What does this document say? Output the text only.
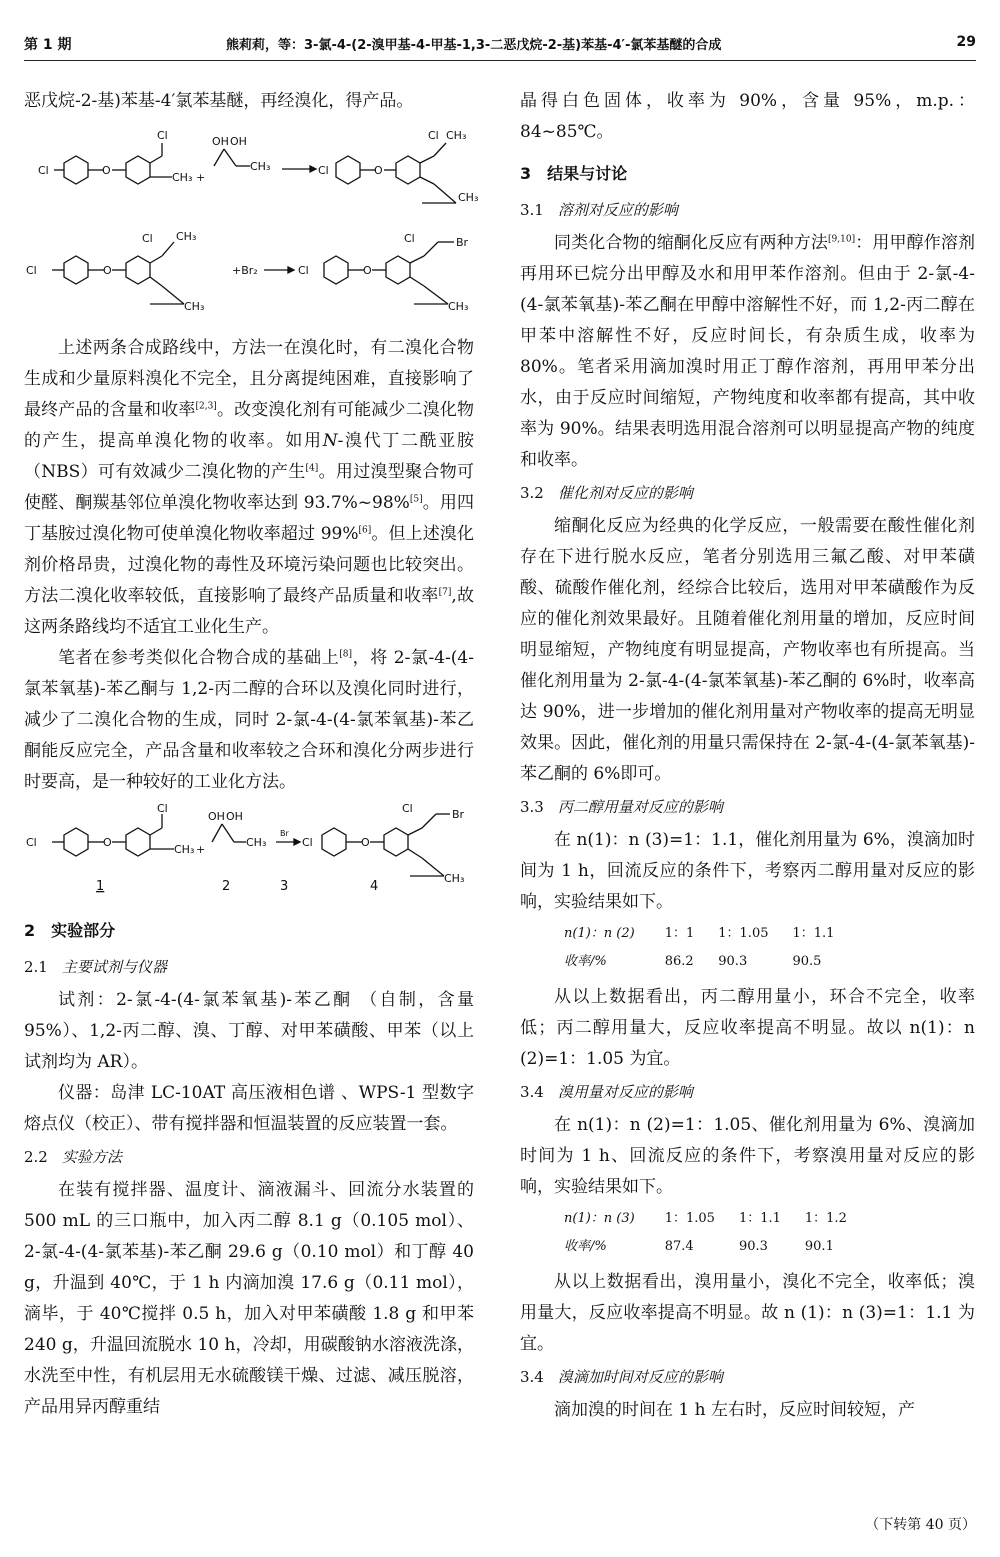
第 1 期	熊莉莉，等：3-氯-4-(2-溴甲基-4-甲基-1,3-二恶戊烷-2-基)苯基-4′-氯苯基醚的合成	29

恶戊烷-2-基)苯基-4′氯苯基醚，再经溴化，得产品。

Cl	O
Cl
CH₃ +
OH OH
CH₃	Cl	O
Cl CH₃
CH₃

Cl	O
Cl CH₃
CH₃
+Br₂	Cl	O
Cl	Br
CH₃

上述两条合成路线中，方法一在溴化时，有二溴化合物生成和少量原料溴化不完全，且分离提纯困难，直接影响了最终产品的含量和收率[2,3]。改变溴化剂有可能减少二溴化物的产生，提高单溴化物的收率。如用N-溴代丁二酰亚胺（NBS）可有效减少二溴化物的产生[4]。用过溴型聚合物可使醛、酮羰基邻位单溴化物收率达到 93.7%~98%[5]。用四丁基胺过溴化物可使单溴化物收率超过 99%[6]。但上述溴化剂价格昂贵，过溴化物的毒性及环境污染问题也比较突出。方法二溴化收率较低，直接影响了最终产品质量和收率[7],故这两条路线均不适宜工业化生产。

笔者在参考类似化合物合成的基础上[8]，将 2-氯-4-(4-氯苯氧基)-苯乙酮与 1,2-丙二醇的合环以及溴化同时进行，减少了二溴化合物的生成，同时 2-氯-4-(4-氯苯氧基)-苯乙酮能反应完全，产品含量和收率较之合环和溴化分两步进行时要高，是一种较好的工业化方法。

Cl	O
Cl
CH₃ +
OH OH
CH₃
Br
Cl	O
Cl	Br
CH₃
1	2	3	4
2　实验部分
2.1 主要试剂与仪器

试剂：2-氯-4-(4-氯苯氧基)-苯乙酮 （自制，含量 95%）、1,2-丙二醇、溴、丁醇、对甲苯磺酸、甲苯（以上试剂均为 AR）。

仪器：岛津 LC-10AT 高压液相色谱 、WPS-1 型数字熔点仪（校正）、带有搅拌器和恒温装置的反应装置一套。

2.2 实验方法

在装有搅拌器、温度计、滴液漏斗、回流分水装置的 500 mL 的三口瓶中，加入丙二醇 8.1 g（0.105 mol）、2-氯-4-(4-氯苯基)-苯乙酮 29.6 g（0.10 mol）和丁醇 40 g，升温到 40℃，于 1 h 内滴加溴 17.6 g（0.11 mol），滴毕，于 40℃搅拌 0.5 h，加入对甲苯磺酸 1.8 g 和甲苯 240 g，升温回流脱水 10 h，冷却，用碳酸钠水溶液洗涤，水洗至中性，有机层用无水硫酸镁干燥、过滤、减压脱溶，产品用异丙醇重结

晶得白色固体，收率为 90%，含量 95%，m.p.：84~85℃。

3　结果与讨论
3.1 溶剂对反应的影响

同类化合物的缩酮化反应有两种方法[9,10]：用甲醇作溶剂再用环已烷分出甲醇及水和用甲苯作溶剂。但由于 2-氯-4-(4-氯苯氧基)-苯乙酮在甲醇中溶解性不好，而 1,2-丙二醇在甲苯中溶解性不好，反应时间长，有杂质生成，收率为 80%。笔者采用滴加溴时用正丁醇作溶剂，再用甲苯分出水，由于反应时间缩短，产物纯度和收率都有提高，其中收率为 90%。结果表明选用混合溶剂可以明显提高产物的纯度和收率。

3.2 催化剂对反应的影响

缩酮化反应为经典的化学反应，一般需要在酸性催化剂存在下进行脱水反应，笔者分别选用三氟乙酸、对甲苯磺酸、硫酸作催化剂，经综合比较后，选用对甲苯磺酸作为反应的催化剂效果最好。且随着催化剂用量的增加，反应时间明显缩短，产物纯度有明显提高，产物收率也有所提高。当催化剂用量为 2-氯-4-(4-氯苯氧基)-苯乙酮的 6%时，收率高达 90%，进一步增加的催化剂用量对产物收率的提高无明显效果。因此，催化剂的用量只需保持在 2-氯-4-(4-氯苯氧基)-苯乙酮的 6%即可。

3.3 丙二醇用量对反应的影响

在 n(1)：n (3)=1：1.1，催化剂用量为 6%，溴滴加时间为 1 h，回流反应的条件下，考察丙二醇用量对反应的影响，实验结果如下。

n(1)：n (2)	1：1	1：1.05	1：1.1
收率/%	86.2	90.3	90.5

从以上数据看出，丙二醇用量小，环合不完全，收率低；丙二醇用量大，反应收率提高不明显。故以 n(1)：n (2)=1：1.05 为宜。

3.4 溴用量对反应的影响

在 n(1)：n (2)=1：1.05、催化剂用量为 6%、溴滴加时间为 1 h、回流反应的条件下，考察溴用量对反应的影响，实验结果如下。

n(1)：n (3)	1：1.05	1：1.1	1：1.2
收率/%	87.4	90.3	90.1

从以上数据看出，溴用量小，溴化不完全，收率低；溴用量大，反应收率提高不明显。故 n (1)：n (3)=1：1.1 为宜。

3.4 溴滴加时间对反应的影响

滴加溴的时间在 1 h 左右时，反应时间较短，产

（下转第 40 页）
